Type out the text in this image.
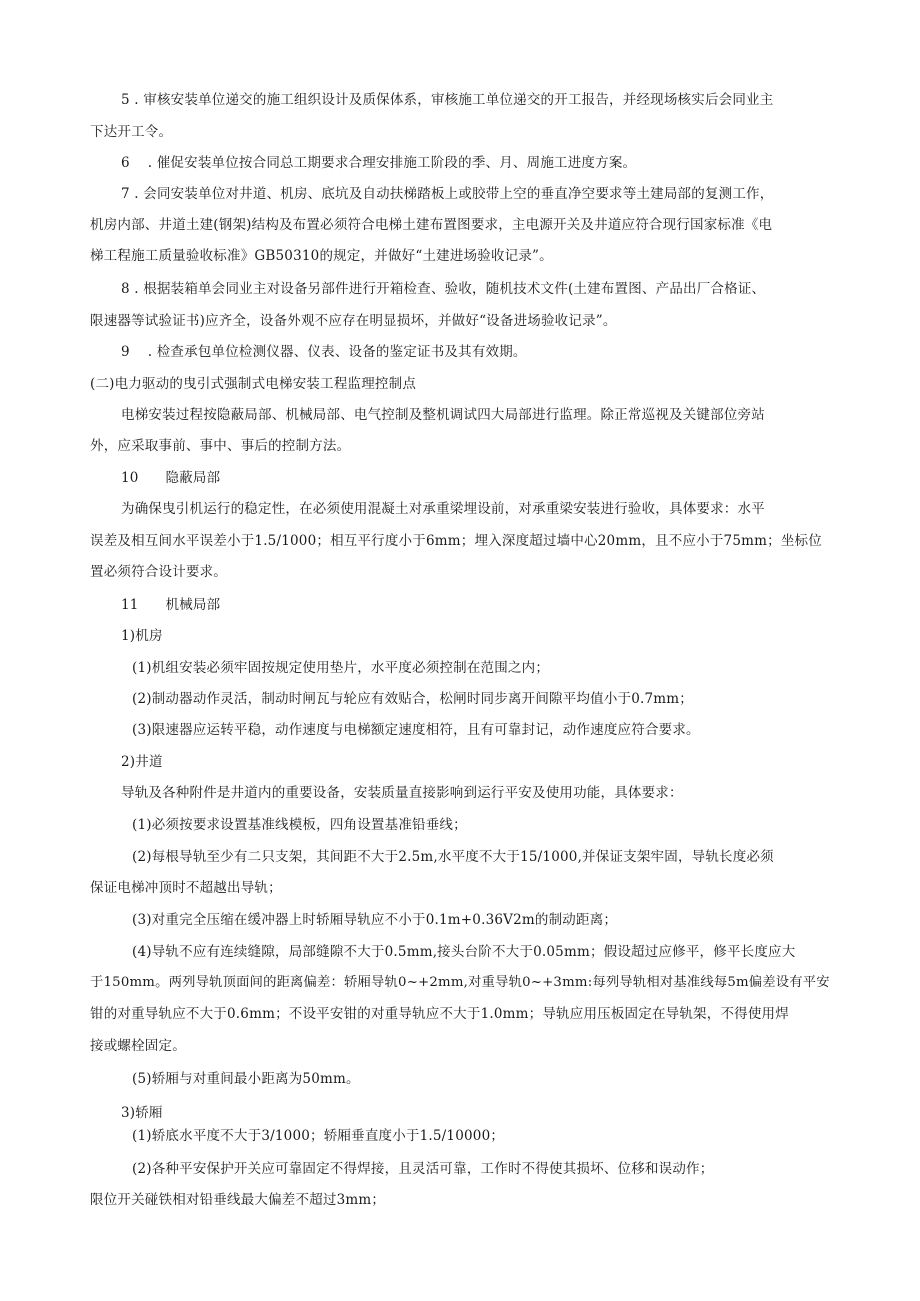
5 . 审核安装单位递交的施工组织设计及质保体系，审核施工单位递交的开工报告，并经现场核实后会同业主
下达开工令。
6    . 催促安装单位按合同总工期要求合理安排施工阶段的季、月、周施工进度方案。
7 . 会同安装单位对井道、机房、底坑及自动扶梯踏板上或胶带上空的垂直净空要求等土建局部的复测工作，
机房内部、井道土建(钢架)结构及布置必须符合电梯土建布置图要求，主电源开关及井道应符合现行国家标准《电
梯工程施工质量验收标准》GB50310的规定，并做好“土建进场验收记录”。
8 . 根据装箱单会同业主对设备另部件进行开箱检查、验收，随机技术文件(土建布置图、产品出厂合格证、
限速器等试验证书)应齐全，设备外观不应存在明显损坏，并做好“设备进场验收记录”。
9    . 检查承包单位检测仪器、仪表、设备的鉴定证书及其有效期。
(二)电力驱动的曳引式强制式电梯安装工程监理控制点
电梯安装过程按隐蔽局部、机械局部、电气控制及整机调试四大局部进行监理。除正常巡视及关键部位旁站
外，应采取事前、事中、事后的控制方法。
10      隐蔽局部
为确保曳引机运行的稳定性，在必须使用混凝土对承重梁埋设前，对承重梁安装进行验收，具体要求：水平
误差及相互间水平误差小于1.5/1000；相互平行度小于6mm；埋入深度超过墙中心20mm，且不应小于75mm；坐标位
置必须符合设计要求。
11      机械局部
1)机房
(1)机组安装必须牢固按规定使用垫片，水平度必须控制在范围之内；
(2)制动器动作灵活，制动时闸瓦与轮应有效贴合，松闸时同步离开间隙平均值小于0.7mm；
(3)限速器应运转平稳，动作速度与电梯额定速度相符，且有可靠封记，动作速度应符合要求。
2)井道
导轨及各种附件是井道内的重要设备，安装质量直接影响到运行平安及使用功能，具体要求：
(1)必须按要求设置基准线模板，四角设置基准铅垂线；
(2)每根导轨至少有二只支架，其间距不大于2.5m,水平度不大于15/1000,并保证支架牢固，导轨长度必须
保证电梯冲顶时不超越出导轨；
(3)对重完全压缩在缓冲器上时轿厢导轨应不小于0.1m+0.36V2m的制动距离；
(4)导轨不应有连续缝隙，局部缝隙不大于0.5mm,接头台阶不大于0.05mm；假设超过应修平，修平长度应大
于150mm。两列导轨顶面间的距离偏差：轿厢导轨0~+2mm,对重导轨0~+3mm:每列导轨相对基准线每5m偏差设有平安
钳的对重导轨应不大于0.6mm；不设平安钳的对重导轨应不大于1.0mm；导轨应用压板固定在导轨架，不得使用焊
接或螺栓固定。
(5)轿厢与对重间最小距离为50mm。
3)轿厢
(1)轿底水平度不大于3/1000；轿厢垂直度小于1.5/10000；
(2)各种平安保护开关应可靠固定不得焊接，且灵活可靠，工作时不得使其损坏、位移和误动作；
限位开关碰铁相对铅垂线最大偏差不超过3mm；
